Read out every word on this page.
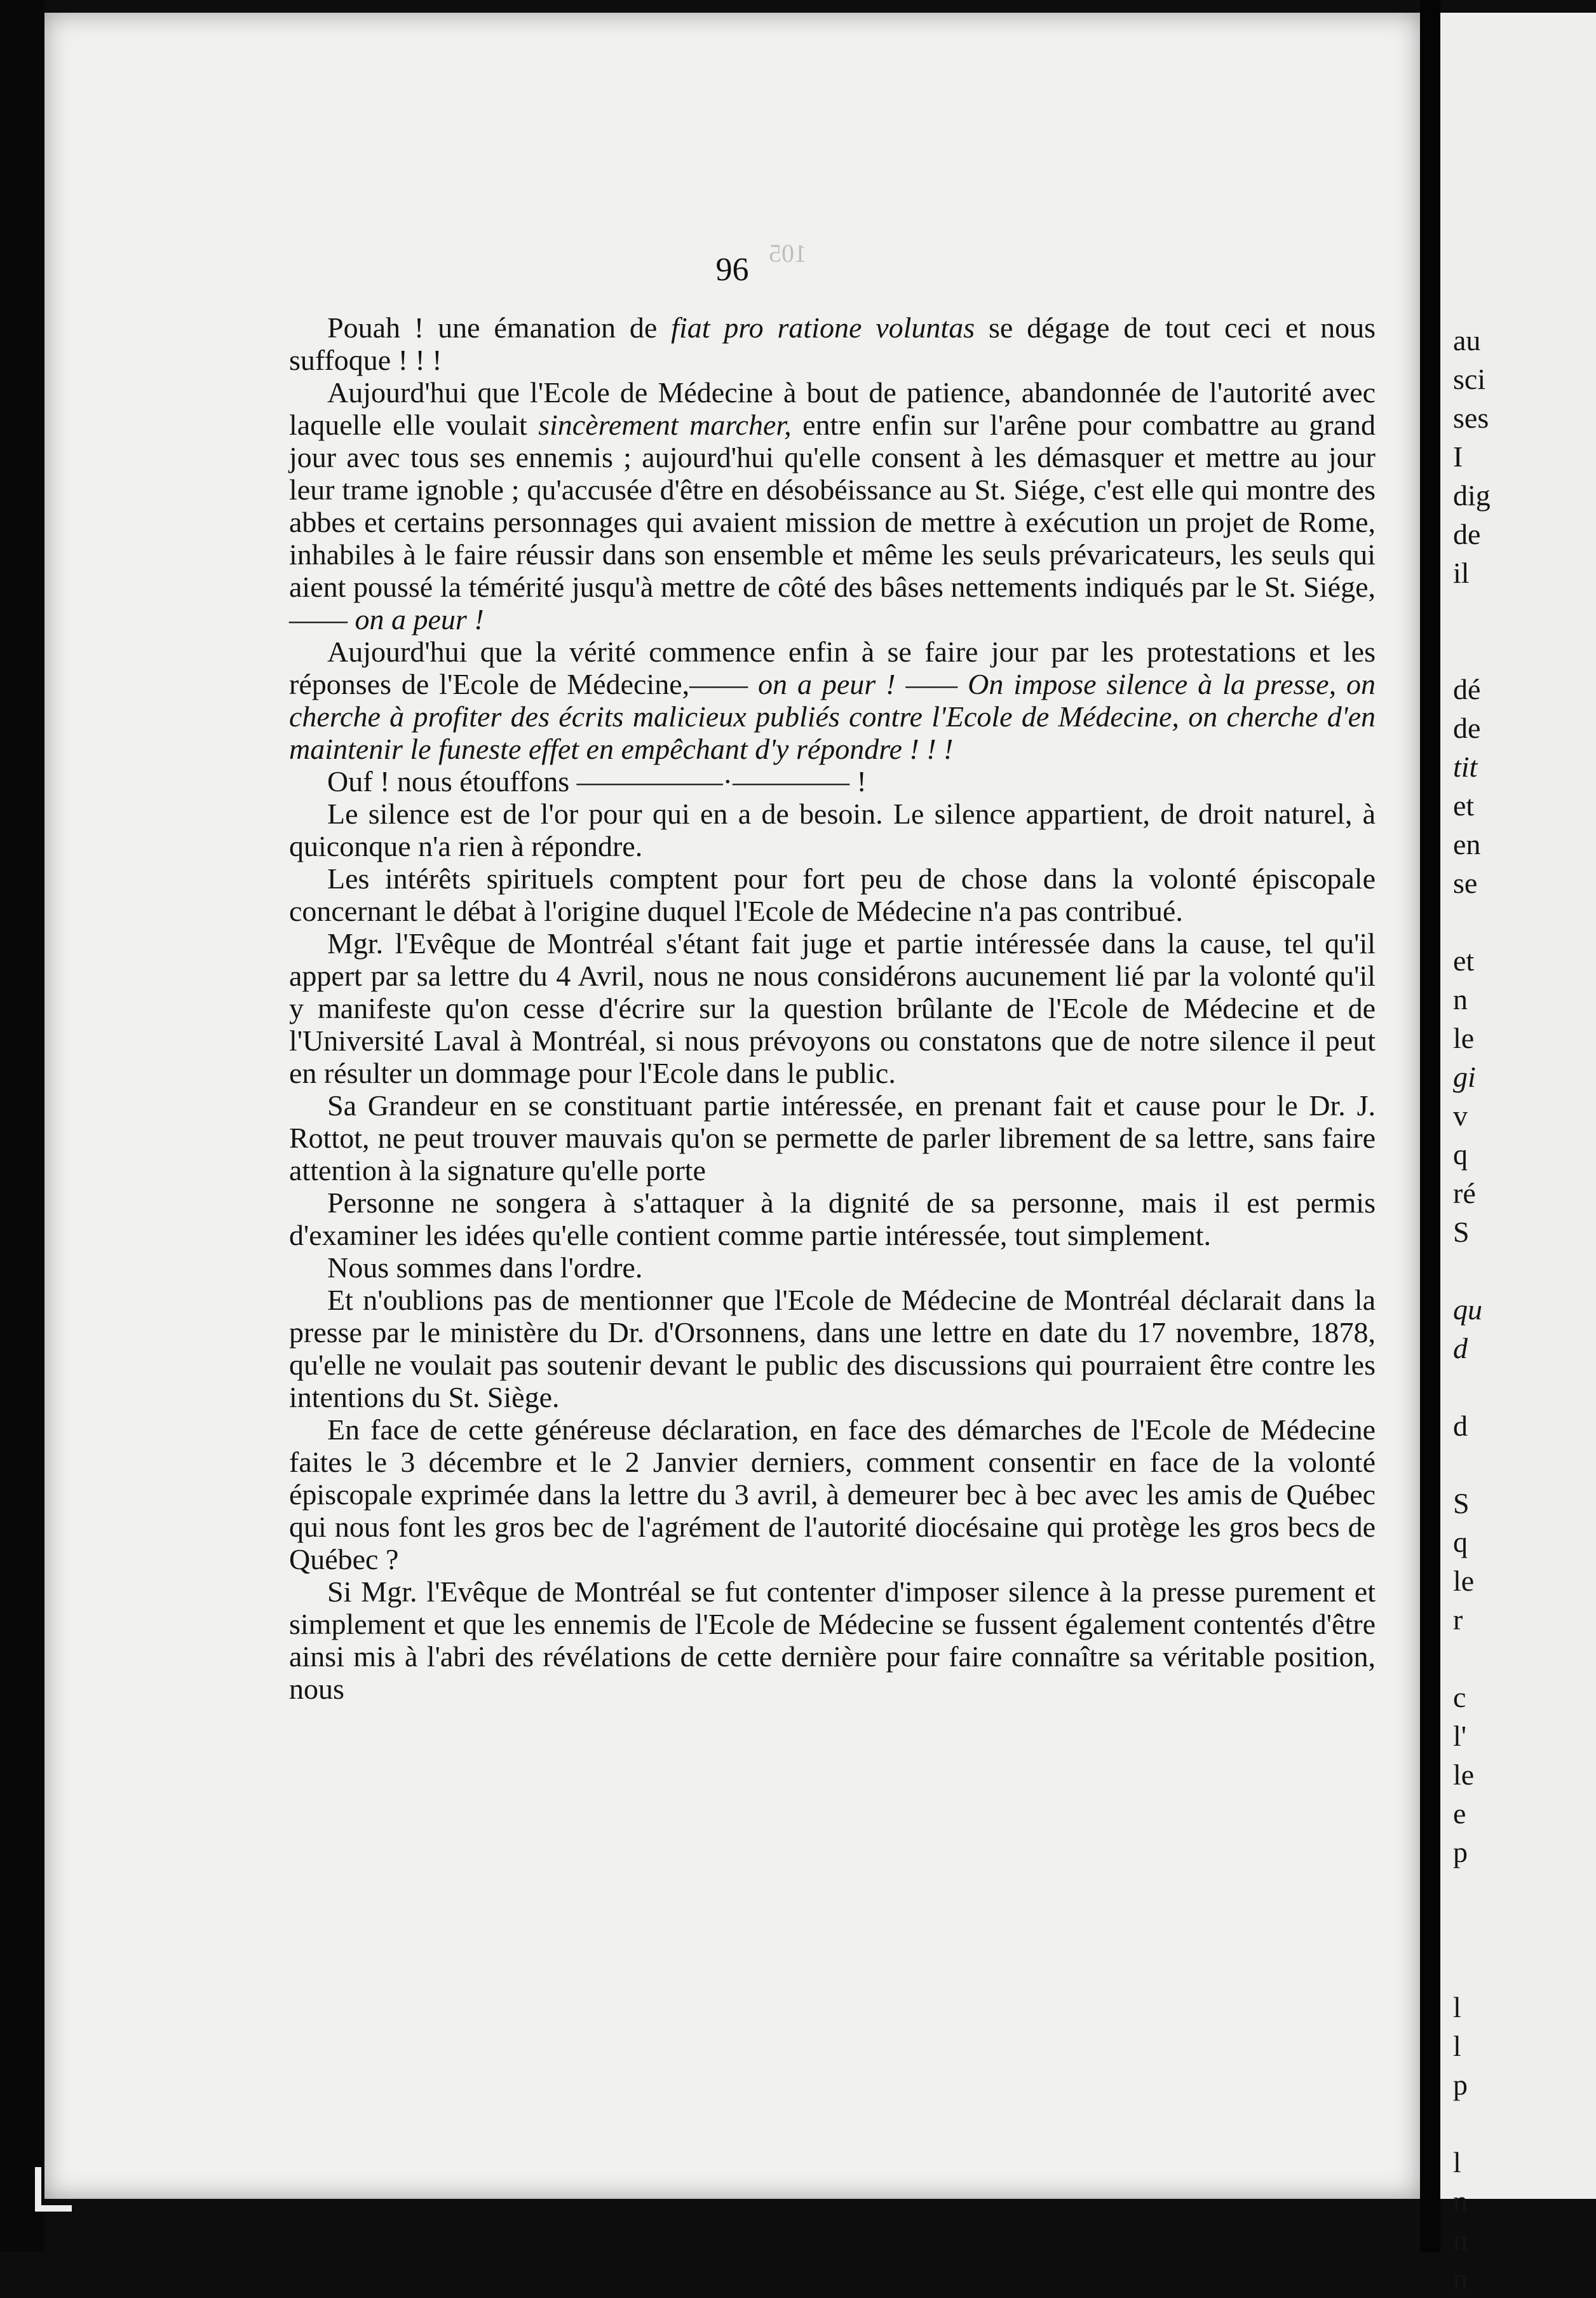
105
96

Pouah ! une émanation de fiat pro ratione voluntas se dégage de tout ceci et nous suffoque ! ! !

Aujourd'hui que l'Ecole de Médecine à bout de patience, abandonnée de l'autorité avec laquelle elle voulait sincèrement marcher, entre enfin sur l'arêne pour combattre au grand jour avec tous ses ennemis ; aujourd'hui qu'elle consent à les démasquer et mettre au jour leur trame ignoble ; qu'accusée d'être en désobéissance au St. Siége, c'est elle qui montre des abbes et certains personnages qui avaient mission de mettre à exécution un projet de Rome, inhabiles à le faire réussir dans son ensemble et même les seuls prévaricateurs, les seuls qui aient poussé la témérité jusqu'à mettre de côté des bâses nettements indiqués par le St. Siége,—— on a peur !

Aujourd'hui que la vérité commence enfin à se faire jour par les protestations et les réponses de l'Ecole de Médecine,—— on a peur ! —— On impose silence à la presse, on cherche à profiter des écrits malicieux publiés contre l'Ecole de Médecine, on cherche d'en maintenir le funeste effet en empêchant d'y répondre ! ! !

Ouf ! nous étouffons —————·———— !

Le silence est de l'or pour qui en a de besoin. Le silence appartient, de droit naturel, à quiconque n'a rien à répondre.

Les intérêts spirituels comptent pour fort peu de chose dans la volonté épiscopale concernant le débat à l'origine duquel l'Ecole de Médecine n'a pas contribué.

Mgr. l'Evêque de Montréal s'étant fait juge et partie intéressée dans la cause, tel qu'il appert par sa lettre du 4 Avril, nous ne nous considérons aucunement lié par la volonté qu'il y manifeste qu'on cesse d'écrire sur la question brûlante de l'Ecole de Médecine et de l'Université Laval à Montréal, si nous prévoyons ou constatons que de notre silence il peut en résulter un dommage pour l'Ecole dans le public.

Sa Grandeur en se constituant partie intéressée, en prenant fait et cause pour le Dr. J. Rottot, ne peut trouver mauvais qu'on se permette de parler librement de sa lettre, sans faire attention à la signature qu'elle porte

Personne ne songera à s'attaquer à la dignité de sa personne, mais il est permis d'examiner les idées qu'elle contient comme partie intéressée, tout simplement.

Nous sommes dans l'ordre.

Et n'oublions pas de mentionner que l'Ecole de Médecine de Montréal déclarait dans la presse par le ministère du Dr. d'Orsonnens, dans une lettre en date du 17 novembre, 1878, qu'elle ne voulait pas soutenir devant le public des discussions qui pourraient être contre les intentions du St. Siège.

En face de cette généreuse déclaration, en face des démarches de l'Ecole de Médecine faites le 3 décembre et le 2 Janvier derniers, comment consentir en face de la volonté épiscopale exprimée dans la lettre du 3 avril, à demeurer bec à bec avec les amis de Québec qui nous font les gros bec de l'agrément de l'autorité diocésaine qui protège les gros becs de Québec ?

Si Mgr. l'Evêque de Montréal se fut contenter d'imposer silence à la presse purement et simplement et que les ennemis de l'Ecole de Médecine se fussent également contentés d'être ainsi mis à l'abri des révélations de cette dernière pour faire connaître sa véritable position, nous

au
sci
ses
I
dig
de
il
dé
de
tit
et
en
se
et
n
le
gi
v
q
ré
S
qu
d
d
S
q
le
r
c
l'
le
e
p
l
l
p
l
n
n
n
